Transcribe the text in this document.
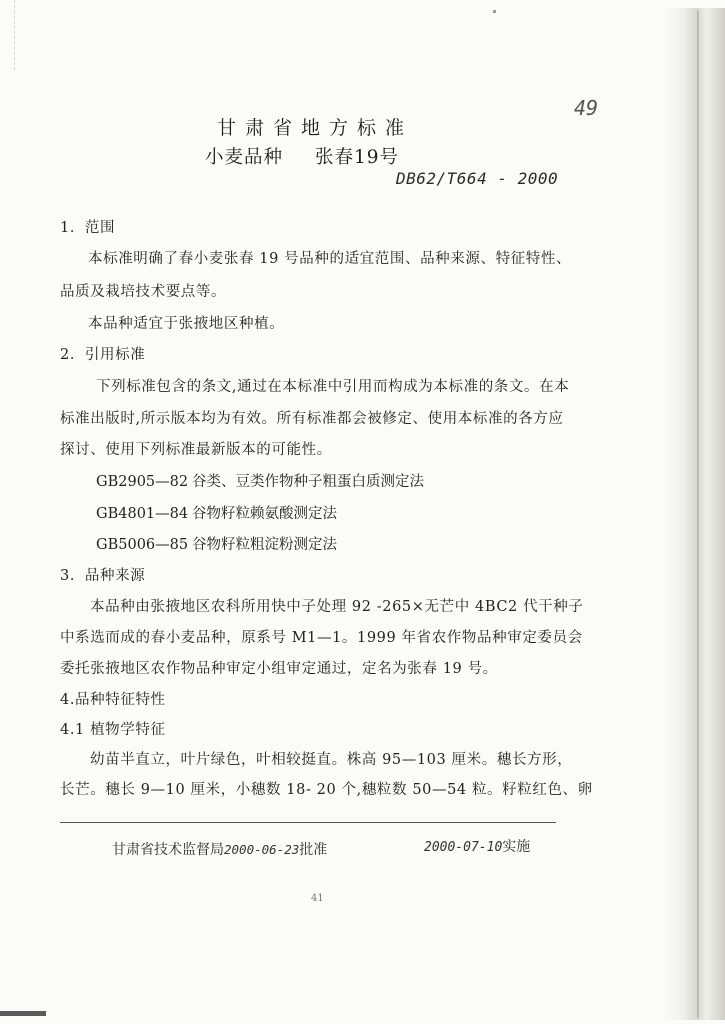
49
甘肃省地方标准
小麦品种 张春19号
DB62/T664 - 2000
1．范围
本标准明确了春小麦张春 19 号品种的适宜范围、品种来源、特征特性、
品质及栽培技术要点等。
本品种适宜于张掖地区种植。
2．引用标准
下列标准包含的条文,通过在本标准中引用而构成为本标准的条文。在本
标准出版时,所示版本均为有效。所有标准都会被修定、使用本标准的各方应
探讨、使用下列标准最新版本的可能性。
GB2905—82 谷类、豆类作物种子粗蛋白质测定法
GB4801—84 谷物籽粒赖氨酸测定法
GB5006—85 谷物籽粒粗淀粉测定法
3．品种来源
本品种由张掖地区农科所用快中子处理 92 -265×无芒中 4BC2 代干种子
中系选而成的春小麦品种，原系号 M1—1。1999 年省农作物品种审定委员会
委托张掖地区农作物品种审定小组审定通过，定名为张春 19 号。
4.品种特征特性
4.1 植物学特征
幼苗半直立，叶片绿色，叶相较挺直。株高 95—103 厘米。穗长方形，
长芒。穗长 9—10 厘米，小穗数 18- 20 个,穗粒数 50—54 粒。籽粒红色、卵
甘肃省技术监督局2000-06-23批准	2000-07-10实施
41
